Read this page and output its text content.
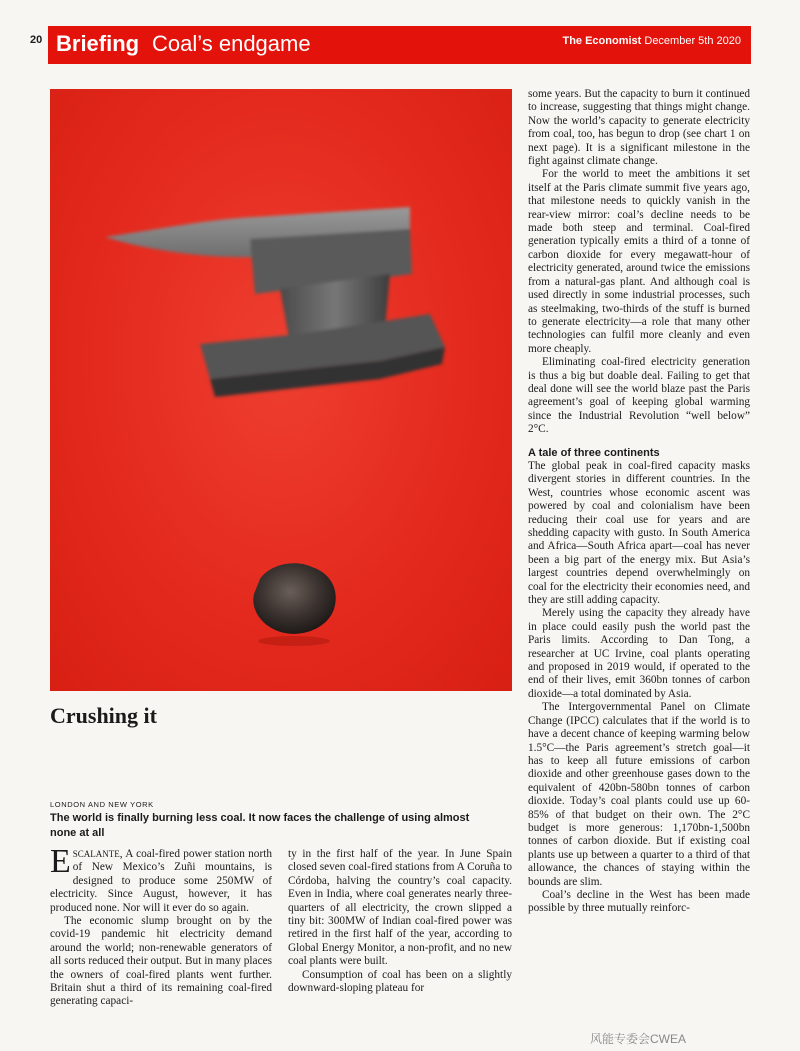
20 Briefing Coal’s endgame	The Economist December 5th 2020
Crushing it
LONDON AND NEW YORK
The world is finally burning less coal. It now faces the challenge of using almost none at all

ESCALANTE, A coal-fired power station north of New Mexico’s Zuñi mountains, is designed to produce some 250MW of electricity. Since August, however, it has produced none. Nor will it ever do so again.

The economic slump brought on by the covid-19 pandemic hit electricity demand around the world; non-renewable generators of all sorts reduced their output. But in many places the owners of coal-fired plants went further. Britain shut a third of its remaining coal-fired generating capaci-

ty in the first half of the year. In June Spain closed seven coal-fired stations from A Coruña to Córdoba, halving the country’s coal capacity. Even in India, where coal generates nearly three-quarters of all electricity, the crown slipped a tiny bit: 300MW of Indian coal-fired power was retired in the first half of the year, according to Global Energy Monitor, a non-profit, and no new coal plants were built.

Consumption of coal has been on a slightly downward-sloping plateau for

some years. But the capacity to burn it continued to increase, suggesting that things might change. Now the world’s capacity to generate electricity from coal, too, has begun to drop (see chart 1 on next page). It is a significant milestone in the fight against climate change.

For the world to meet the ambitions it set itself at the Paris climate summit five years ago, that milestone needs to quickly vanish in the rear-view mirror: coal’s decline needs to be made both steep and terminal. Coal-fired generation typically emits a third of a tonne of carbon dioxide for every megawatt-hour of electricity generated, around twice the emissions from a natural-gas plant. And although coal is used directly in some industrial processes, such as steelmaking, two-thirds of the stuff is burned to generate electricity—a role that many other technologies can fulfil more cleanly and even more cheaply.

Eliminating coal-fired electricity generation is thus a big but doable deal. Failing to get that deal done will see the world blaze past the Paris agreement’s goal of keeping global warming since the Industrial Revolution “well below” 2°C.

A tale of three continents

The global peak in coal-fired capacity masks divergent stories in different countries. In the West, countries whose economic ascent was powered by coal and colonialism have been reducing their coal use for years and are shedding capacity with gusto. In South America and Africa—South Africa apart—coal has never been a big part of the energy mix. But Asia’s largest countries depend overwhelmingly on coal for the electricity their economies need, and they are still adding capacity.

Merely using the capacity they already have in place could easily push the world past the Paris limits. According to Dan Tong, a researcher at UC Irvine, coal plants operating and proposed in 2019 would, if operated to the end of their lives, emit 360bn tonnes of carbon dioxide—a total dominated by Asia.

The Intergovernmental Panel on Climate Change (IPCC) calculates that if the world is to have a decent chance of keeping warming below 1.5°C—the Paris agreement’s stretch goal—it has to keep all future emissions of carbon dioxide and other greenhouse gases down to the equivalent of 420bn-580bn tonnes of carbon dioxide. Today’s coal plants could use up 60-85% of that budget on their own. The 2°C budget is more generous: 1,170bn-1,500bn tonnes of carbon dioxide. But if existing coal plants use up between a quarter to a third of that allowance, the chances of staying within the bounds are slim.

Coal’s decline in the West has been made possible by three mutually reinforc-

风能专委会CWEA
